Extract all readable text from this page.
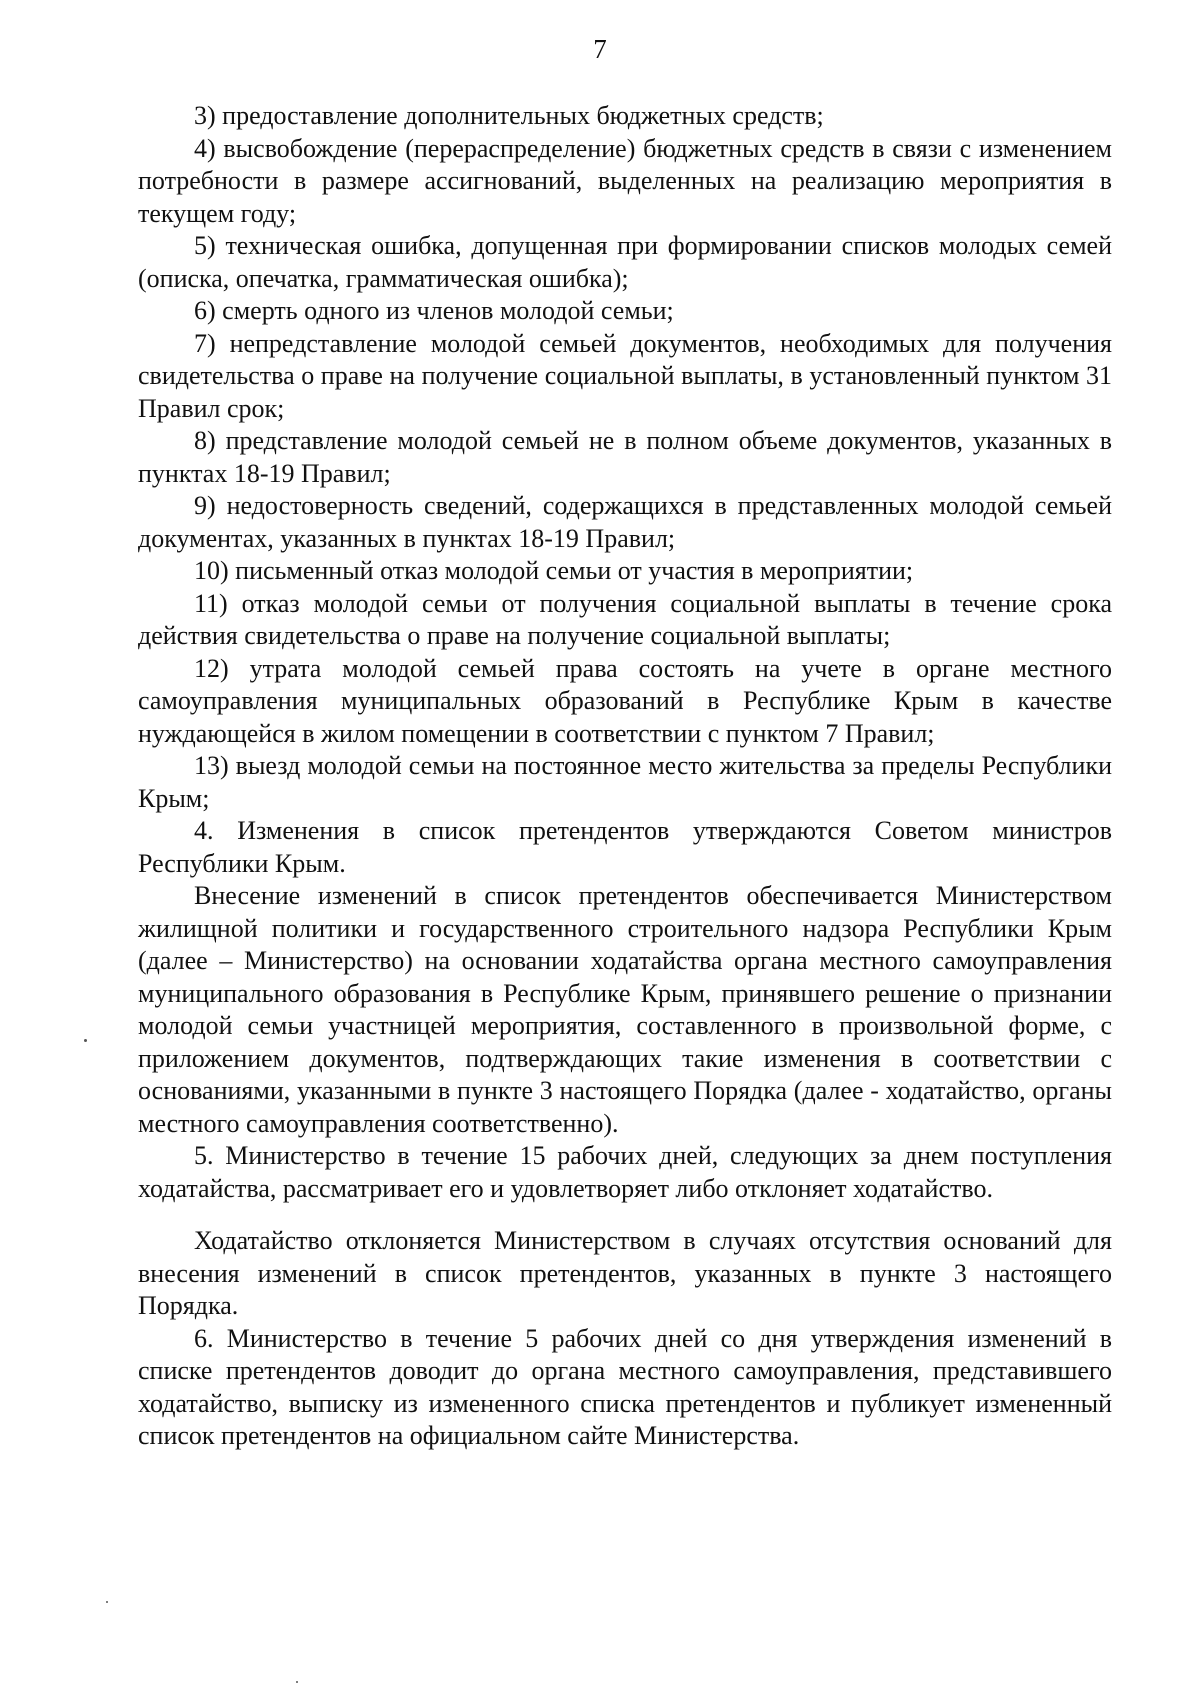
7

3) предоставление дополнительных бюджетных средств;

4) высвобождение (перераспределение) бюджетных средств в связи с изменением потребности в размере ассигнований, выделенных на реализацию мероприятия в текущем году;

5) техническая ошибка, допущенная при формировании списков молодых семей (описка, опечатка, грамматическая ошибка);

6) смерть одного из членов молодой семьи;

7) непредставление молодой семьей документов, необходимых для получения свидетельства о праве на получение социальной выплаты, в установленный пунктом 31 Правил срок;

8) представление молодой семьей не в полном объеме документов, указанных в пунктах 18-19 Правил;

9) недостоверность сведений, содержащихся в представленных молодой семьей документах, указанных в пунктах 18-19 Правил;

10) письменный отказ молодой семьи от участия в мероприятии;

11) отказ молодой семьи от получения социальной выплаты в течение срока действия свидетельства о праве на получение социальной выплаты;

12) утрата молодой семьей права состоять на учете в органе местного самоуправления муниципальных образований в Республике Крым в качестве нуждающейся в жилом помещении в соответствии с пунктом 7 Правил;

13) выезд молодой семьи на постоянное место жительства за пределы Республики Крым;

4. Изменения в список претендентов утверждаются Советом министров Республики Крым.

Внесение изменений в список претендентов обеспечивается Министерством жилищной политики и государственного строительного надзора Республики Крым (далее – Министерство) на основании ходатайства органа местного самоуправления муниципального образования в Республике Крым, принявшего решение о признании молодой семьи участницей мероприятия, составленного в произвольной форме, с приложением документов, подтверждающих такие изменения в соответствии с основаниями, указанными в пункте 3 настоящего Порядка (далее - ходатайство, органы местного самоуправления соответственно).

5. Министерство в течение 15 рабочих дней, следующих за днем поступления ходатайства, рассматривает его и удовлетворяет либо отклоняет ходатайство.

Ходатайство отклоняется Министерством в случаях отсутствия оснований для внесения изменений в список претендентов, указанных в пункте 3 настоящего Порядка.

6. Министерство в течение 5 рабочих дней со дня утверждения изменений в списке претендентов доводит до органа местного самоуправления, представившего ходатайство, выписку из измененного списка претендентов и публикует измененный список претендентов на официальном сайте Министерства.
